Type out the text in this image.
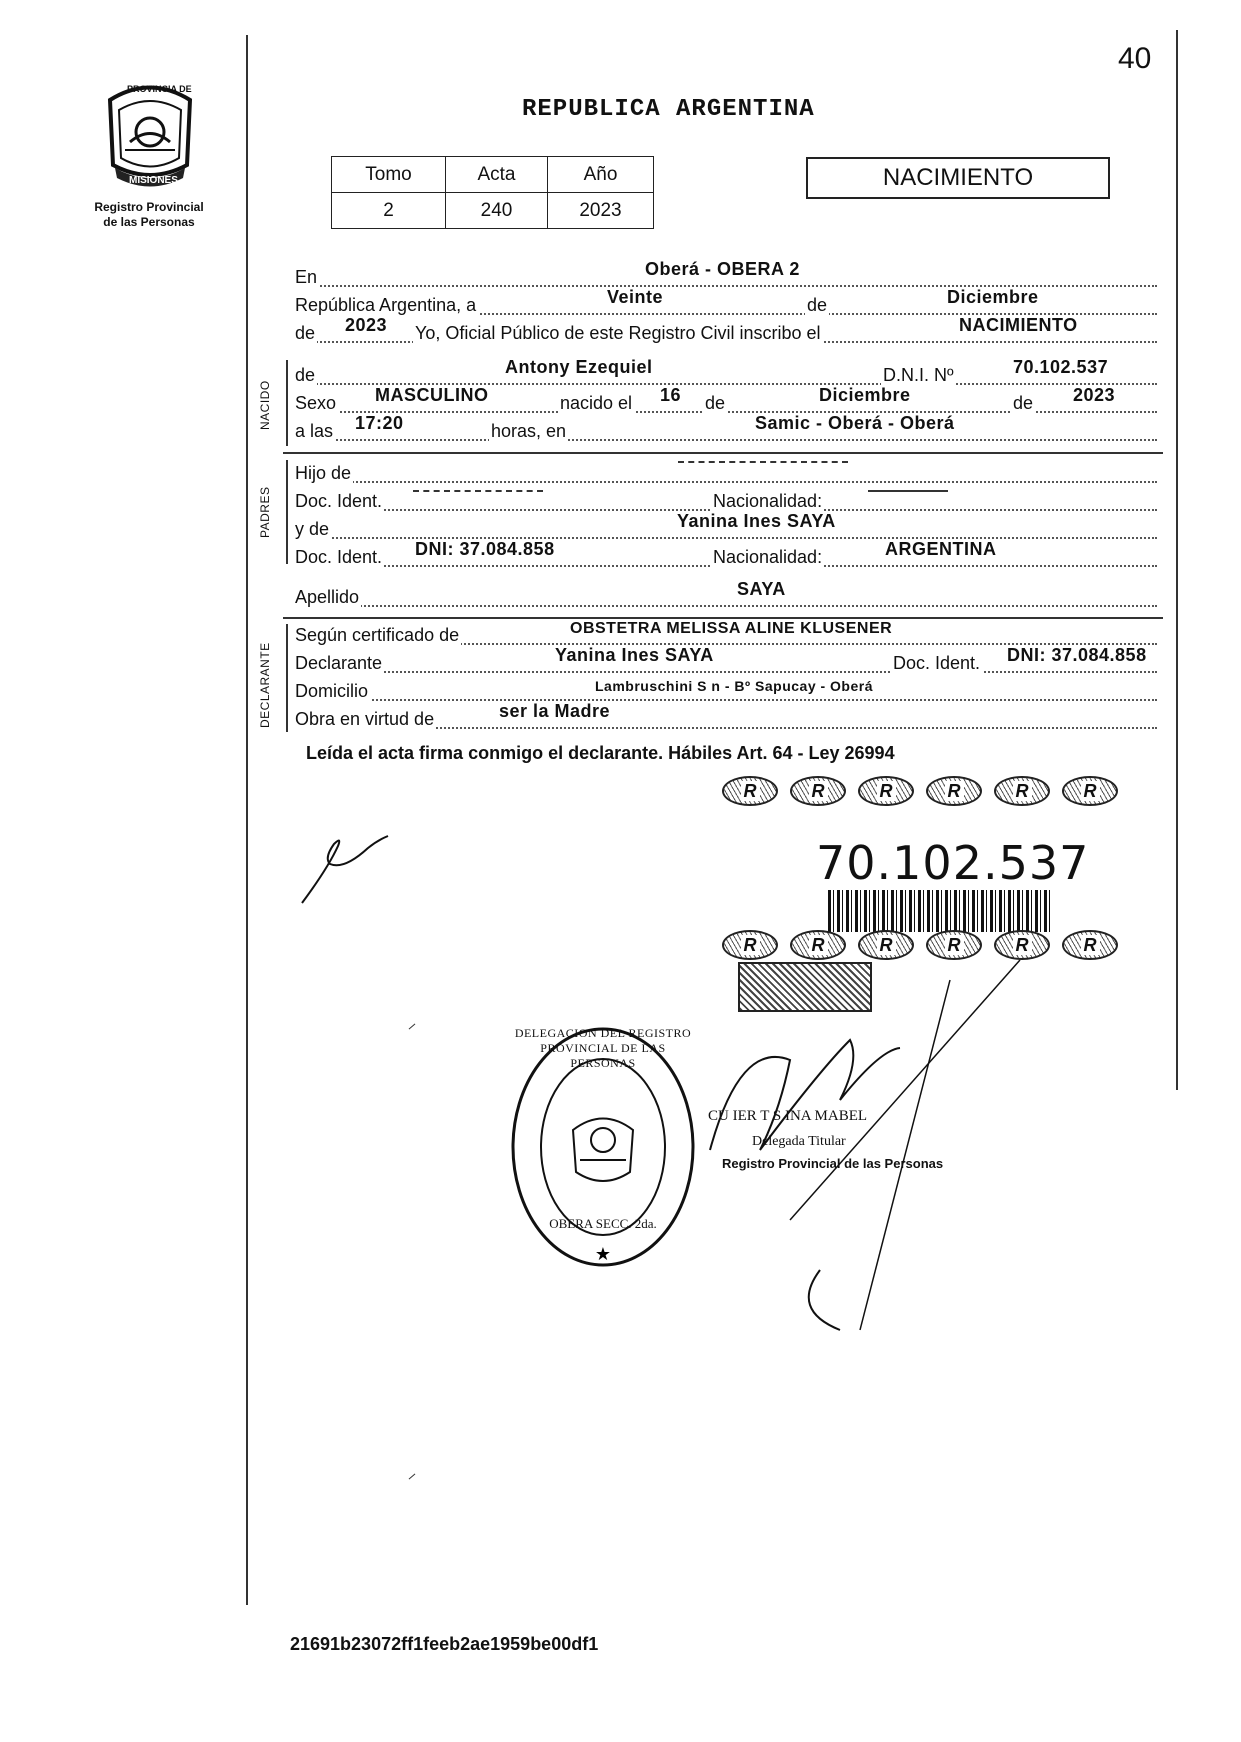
40
PROVINCIA DE
MISIONES
Registro Provincial
de las Personas
REPUBLICA ARGENTINA
Tomo	Acta	Año
2	240	2023
NACIMIENTO
En	Oberá - OBERA 2
República Argentina, a	Veinte	de	Diciembre
de 2023 Yo, Oficial Público de este Registro Civil inscribo el	NACIMIENTO
NACIDO
de	Antony Ezequiel	D.N.I. Nº	70.102.537
Sexo MASCULINO	nacido el 16 de	Diciembre	de 2023
a las 17:20	horas, en	Samic - Oberá - Oberá
PADRES
Hijo de
Doc. Ident.	Nacionalidad:
y de	Yanina Ines SAYA
Doc. Ident. DNI: 37.084.858	Nacionalidad:	ARGENTINA
Apellido	SAYA
DECLARANTE
Según certificado de	OBSTETRA MELISSA ALINE KLUSENER
Declarante	Yanina Ines SAYA	Doc. Ident. DNI: 37.084.858
Domicilio	Lambruschini S n - Bº Sapucay - Oberá
Obra en virtud de	ser la Madre
Leída el acta firma conmigo el declarante. Hábiles Art. 64 - Ley 26994
R	R	R	R	R	R
70.102.537
R	R	R	R	R	R
★
DELEGACION DEL REGISTRO PROVINCIAL DE LAS PERSONAS
OBERA SECC. 2da.
CU IER T S INA MABEL
Delegada Titular
Registro Provincial de las Personas
21691b23072ff1feeb2ae1959be00df1
